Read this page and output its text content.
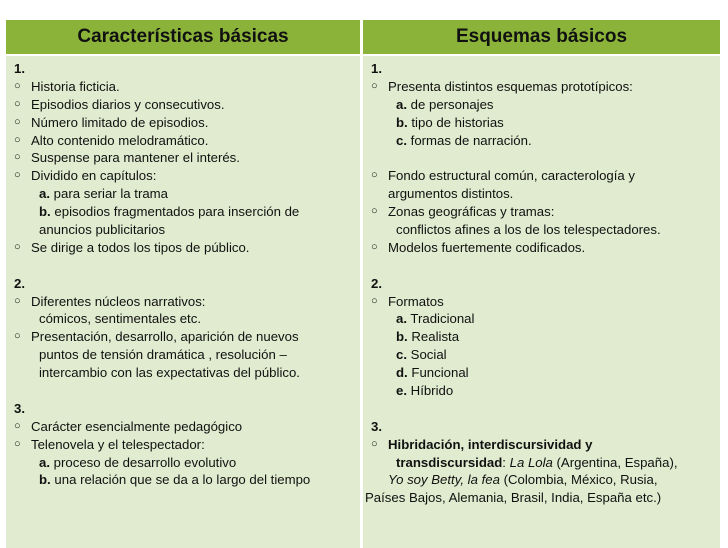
Características básicas	Esquemas básicos
1.
○ Historia ficticia.
○ Episodios diarios y consecutivos.
○ Número limitado de episodios.
○ Alto contenido melodramático.
○ Suspense para mantener el interés.
○ Dividido en capítulos:
a. para seriar la trama
b. episodios fragmentados para inserción de
anuncios publicitarios
○ Se dirige a todos los tipos de público.
2.
○ Diferentes núcleos narrativos:
cómicos, sentimentales etc.
○ Presentación, desarrollo, aparición de nuevos
puntos de tensión dramática , resolución –
intercambio con las expectativas del público.
3.
○ Carácter esencialmente pedagógico
○ Telenovela y el telespectador:
a. proceso de desarrollo evolutivo
b. una relación que se da a lo largo del tiempo
1.
○ Presenta distintos esquemas prototípicos:
a. de personajes
b. tipo de historias
c. formas de narración.
○ Fondo estructural común, caracterología y
argumentos distintos.
○ Zonas geográficas y tramas:
conflictos afines a los de los telespectadores.
○ Modelos fuertemente codificados.
2.
○ Formatos
a. Tradicional
b. Realista
c. Social
d. Funcional
e. Híbrido
3.
○ Hibridación, interdiscursividad y
transdiscursidad: La Lola (Argentina, España),
Yo soy Betty, la fea (Colombia, México, Rusia,
Países Bajos, Alemania, Brasil, India, España etc.)
